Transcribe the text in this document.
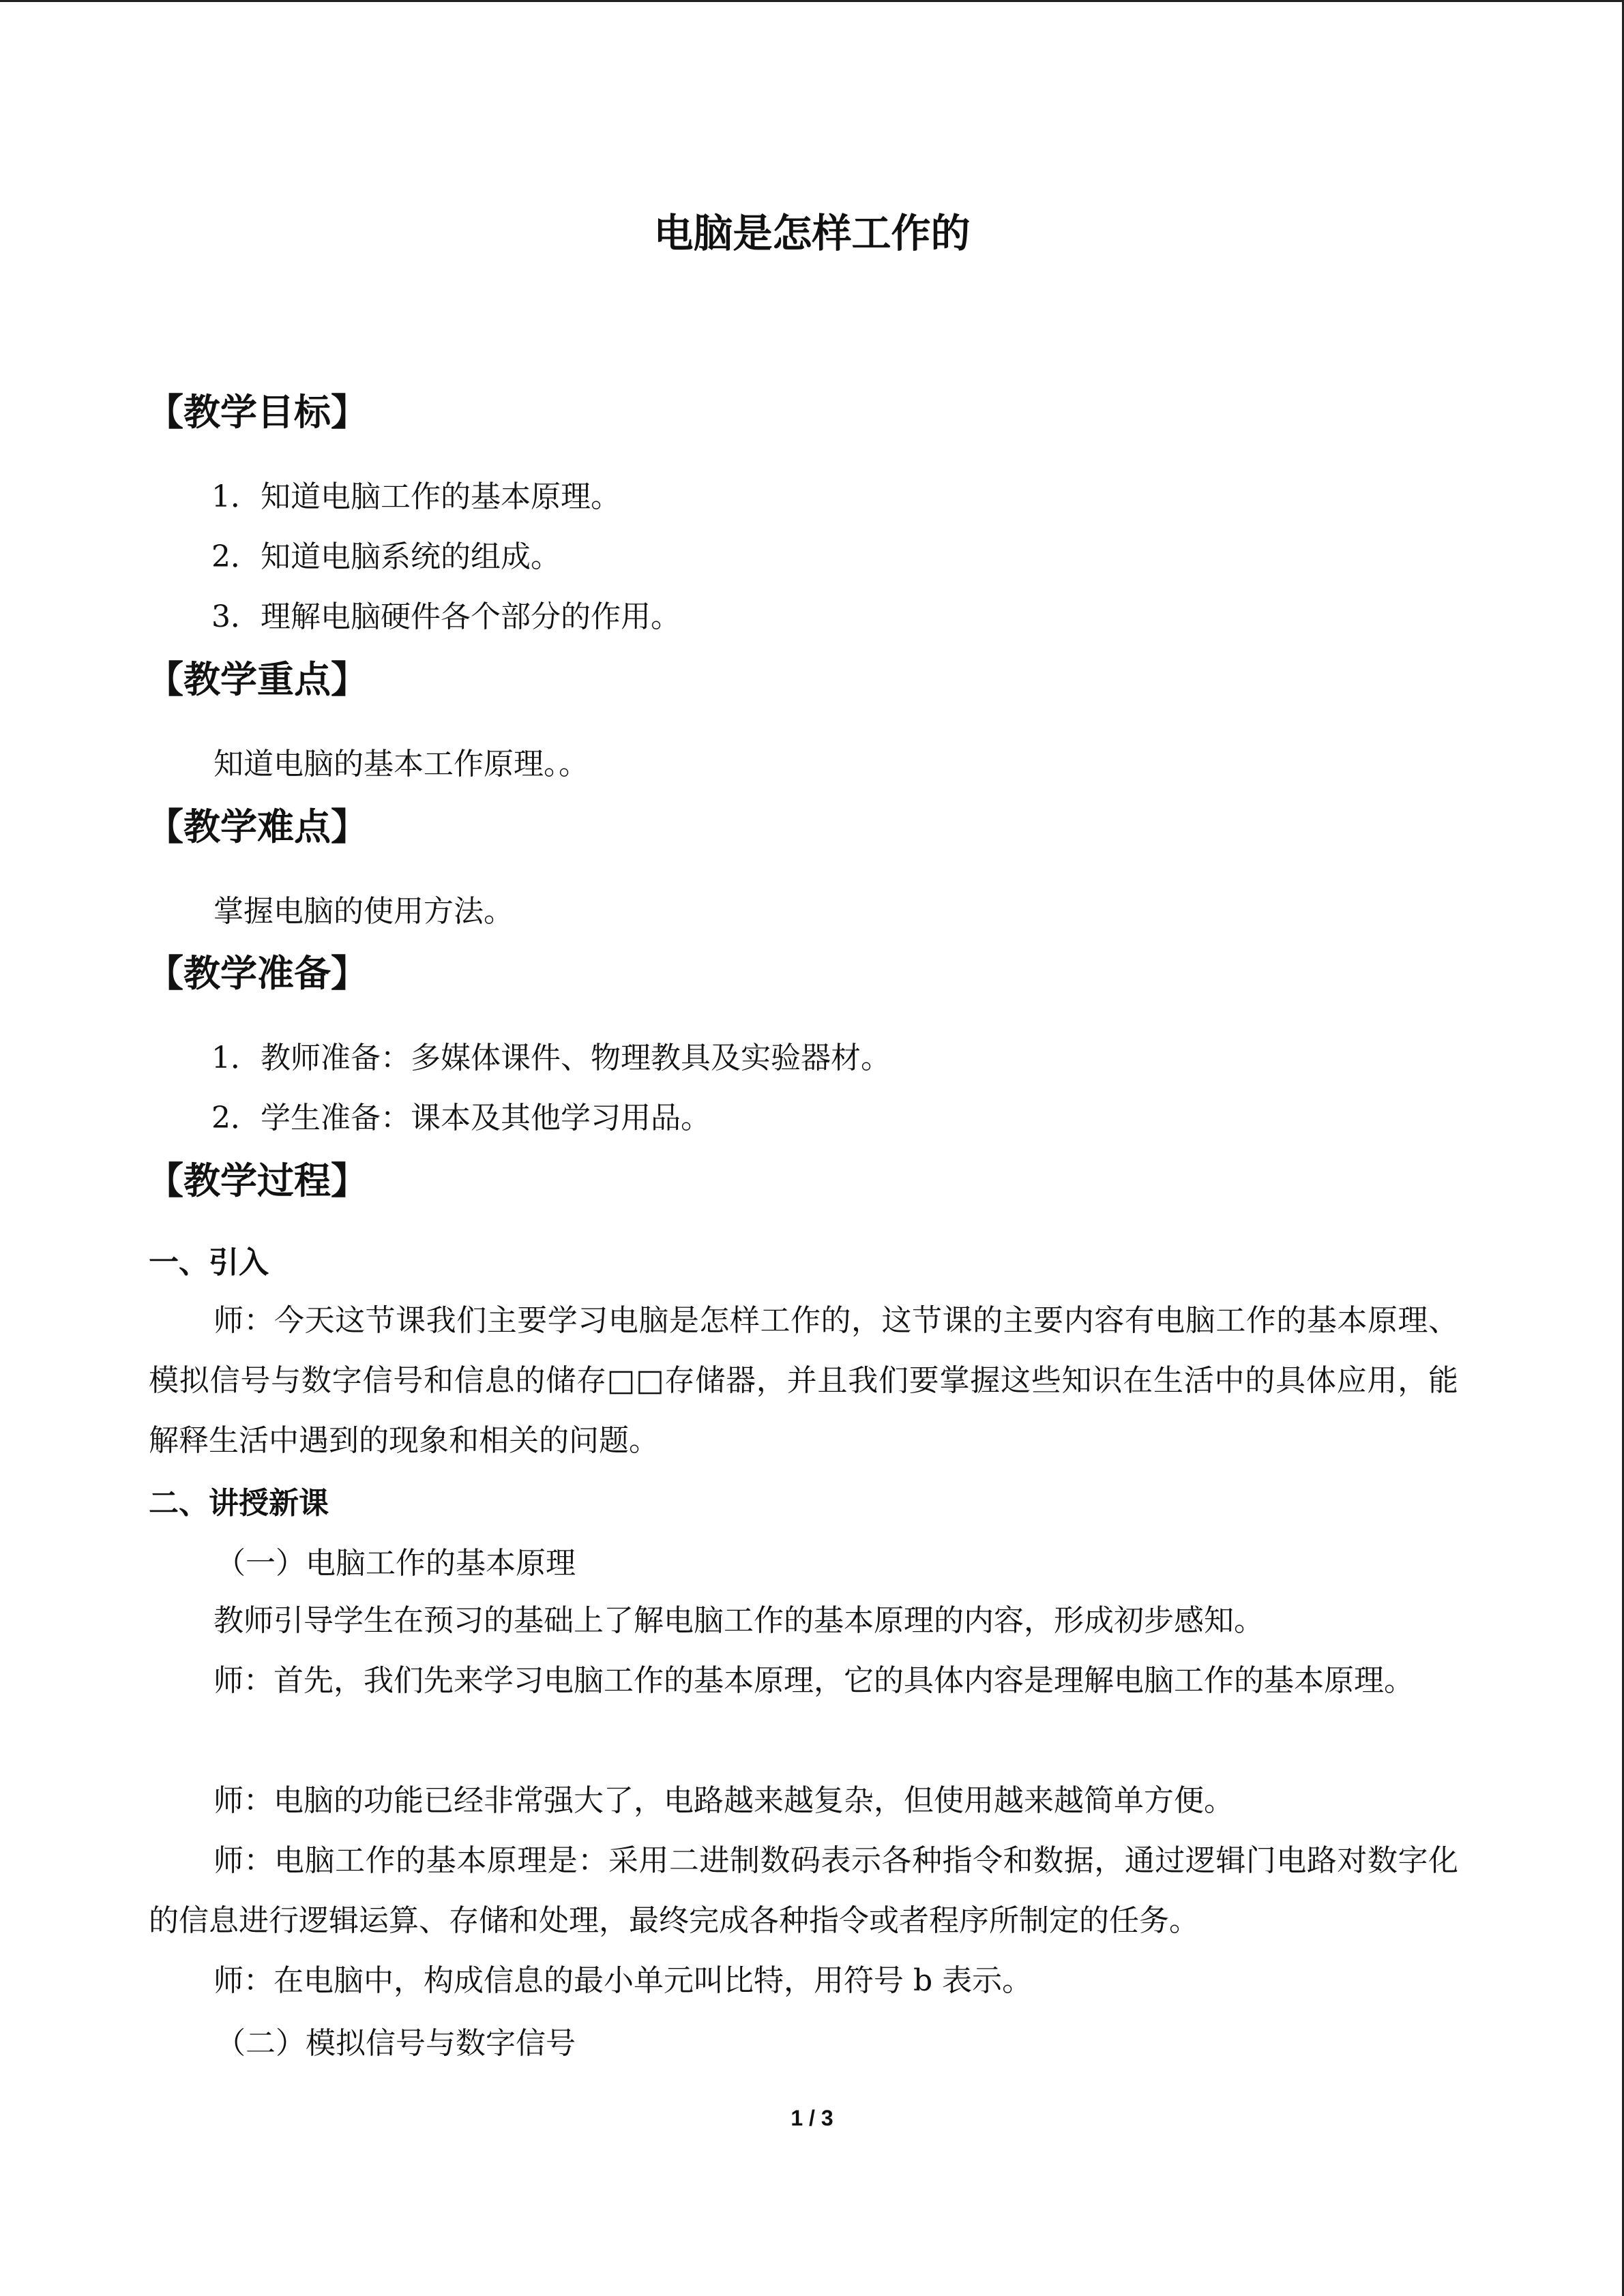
电脑是怎样工作的
【教学目标】

1．知道电脑工作的基本原理。

2．知道电脑系统的组成。

3．理解电脑硬件各个部分的作用。

【教学重点】

知道电脑的基本工作原理。。

【教学难点】

掌握电脑的使用方法。

【教学准备】

1．教师准备：多媒体课件、物理教具及实验器材。

2．学生准备：课本及其他学习用品。

【教学过程】
一、引入

师：今天这节课我们主要学习电脑是怎样工作的，这节课的主要内容有电脑工作的基本原理、模拟信号与数字信号和信息的储存□□存储器，并且我们要掌握这些知识在生活中的具体应用，能解释生活中遇到的现象和相关的问题。

二、讲授新课

（一）电脑工作的基本原理

教师引导学生在预习的基础上了解电脑工作的基本原理的内容，形成初步感知。

师：首先，我们先来学习电脑工作的基本原理，它的具体内容是理解电脑工作的基本原理。

师：电脑的功能已经非常强大了，电路越来越复杂，但使用越来越简单方便。

师：电脑工作的基本原理是：采用二进制数码表示各种指令和数据，通过逻辑门电路对数字化的信息进行逻辑运算、存储和处理，最终完成各种指令或者程序所制定的任务。

师：在电脑中，构成信息的最小单元叫比特，用符号 b 表示。

（二）模拟信号与数字信号

1 / 3
